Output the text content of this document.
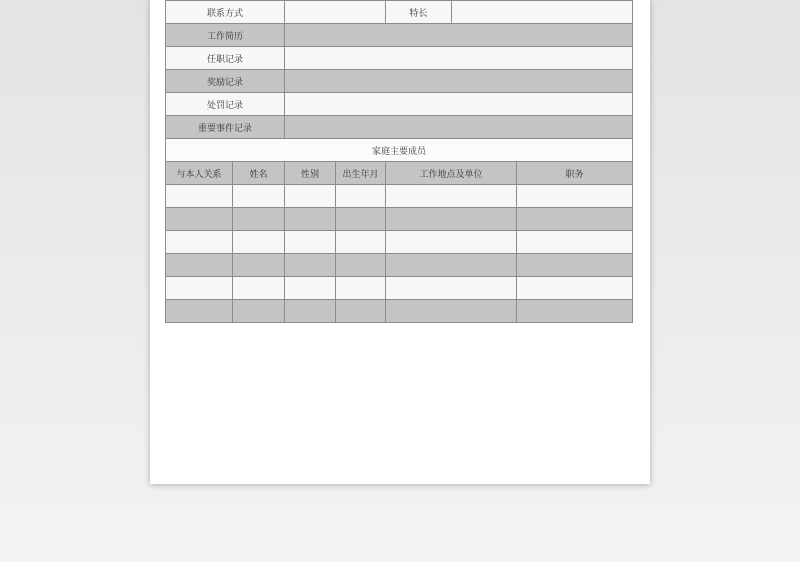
联系方式				特长		
工作简历						
任职记录						
奖励记录						
处罚记录						
重要事件记录						
家庭主要成员						
与本人关系	姓名	性别	出生年月	工作地点及单位		职务
